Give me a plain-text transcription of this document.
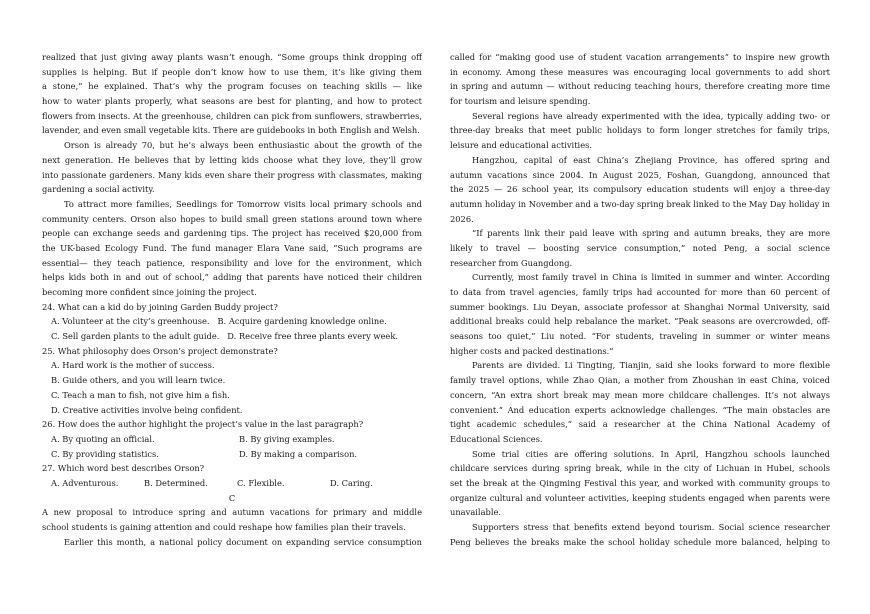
realized that just giving away plants wasn’t enough. “Some groups think dropping off
supplies is helping. But if people don’t know how to use them, it’s like giving them
a stone,” he explained. That’s why the program focuses on teaching skills — like
how to water plants properly, what seasons are best for planting, and how to protect
flowers from insects. At the greenhouse, children can pick from sunflowers, strawberries,
lavender, and even small vegetable kits. There are guidebooks in both English and Welsh.
Orson is already 70, but he’s always been enthusiastic about the growth of the
next generation. He believes that by letting kids choose what they love, they’ll grow
into passionate gardeners. Many kids even share their progress with classmates, making
gardening a social activity.
To attract more families, Seedlings for Tomorrow visits local primary schools and
community centers. Orson also hopes to build small green stations around town where
people can exchange seeds and gardening tips. The project has received $20,000 from
the UK-based Ecology Fund. The fund manager Elara Vane said, “Such programs are
essential— they teach patience, responsibility and love for the environment, which
helps kids both in and out of school,” adding that parents have noticed their children
becoming more confident since joining the project.
24. What can a kid do by joining Garden Buddy project?
A. Volunteer at the city’s greenhouse. B. Acquire gardening knowledge online.
C. Sell garden plants to the adult guide. D. Receive free three plants every week.
25. What philosophy does Orson’s project demonstrate?
A. Hard work is the mother of success.
B. Guide others, and you will learn twice.
C. Teach a man to fish, not give him a fish.
D. Creative activities involve being confident.
26. How does the author highlight the project’s value in the last paragraph?
A. By quoting an official.	B. By giving examples.
C. By providing statistics.	D. By making a comparison.
27. Which word best describes Orson?
A. Adventurous.	B. Determined.	C. Flexible.	D. Caring.
C
A new proposal to introduce spring and autumn vacations for primary and middle
school students is gaining attention and could reshape how families plan their travels.
Earlier this month, a national policy document on expanding service consumption
called for “making good use of student vacation arrangements” to inspire new growth
in economy. Among these measures was encouraging local governments to add short
in spring and autumn — without reducing teaching hours, therefore creating more time
for tourism and leisure spending.
Several regions have already experimented with the idea, typically adding two- or
three-day breaks that meet public holidays to form longer stretches for family trips,
leisure and educational activities.
Hangzhou, capital of east China’s Zhejiang Province, has offered spring and
autumn vacations since 2004. In August 2025, Foshan, Guangdong, announced that
the 2025 — 26 school year, its compulsory education students will enjoy a three-day
autumn holiday in November and a two-day spring break linked to the May Day holiday in
2026.
“If parents link their paid leave with spring and autumn breaks, they are more
likely to travel — boosting service consumption,” noted Peng, a social science
researcher from Guangdong.
Currently, most family travel in China is limited in summer and winter. According
to data from travel agencies, family trips had accounted for more than 60 percent of
summer bookings. Liu Deyan, associate professor at Shanghai Normal University, said
additional breaks could help rebalance the market. “Peak seasons are overcrowded, off-
seasons too quiet,” Liu noted. “For students, traveling in summer or winter means
higher costs and packed destinations.”
Parents are divided. Li Tingting, Tianjin, said she looks forward to more flexible
family travel options, while Zhao Qian, a mother from Zhoushan in east China, voiced
concern, “An extra short break may mean more childcare challenges. It’s not always
convenient.” And education experts acknowledge challenges. “The main obstacles are
tight academic schedules,” said a researcher at the China National Academy of
Educational Sciences.
Some trial cities are offering solutions. In April, Hangzhou schools launched
childcare services during spring break, while in the city of Lichuan in Hubei, schools
set the break at the Qingming Festival this year, and worked with community groups to
organize cultural and volunteer activities, keeping students engaged when parents were
unavailable.
Supporters stress that benefits extend beyond tourism. Social science researcher
Peng believes the breaks make the school holiday schedule more balanced, helping to
